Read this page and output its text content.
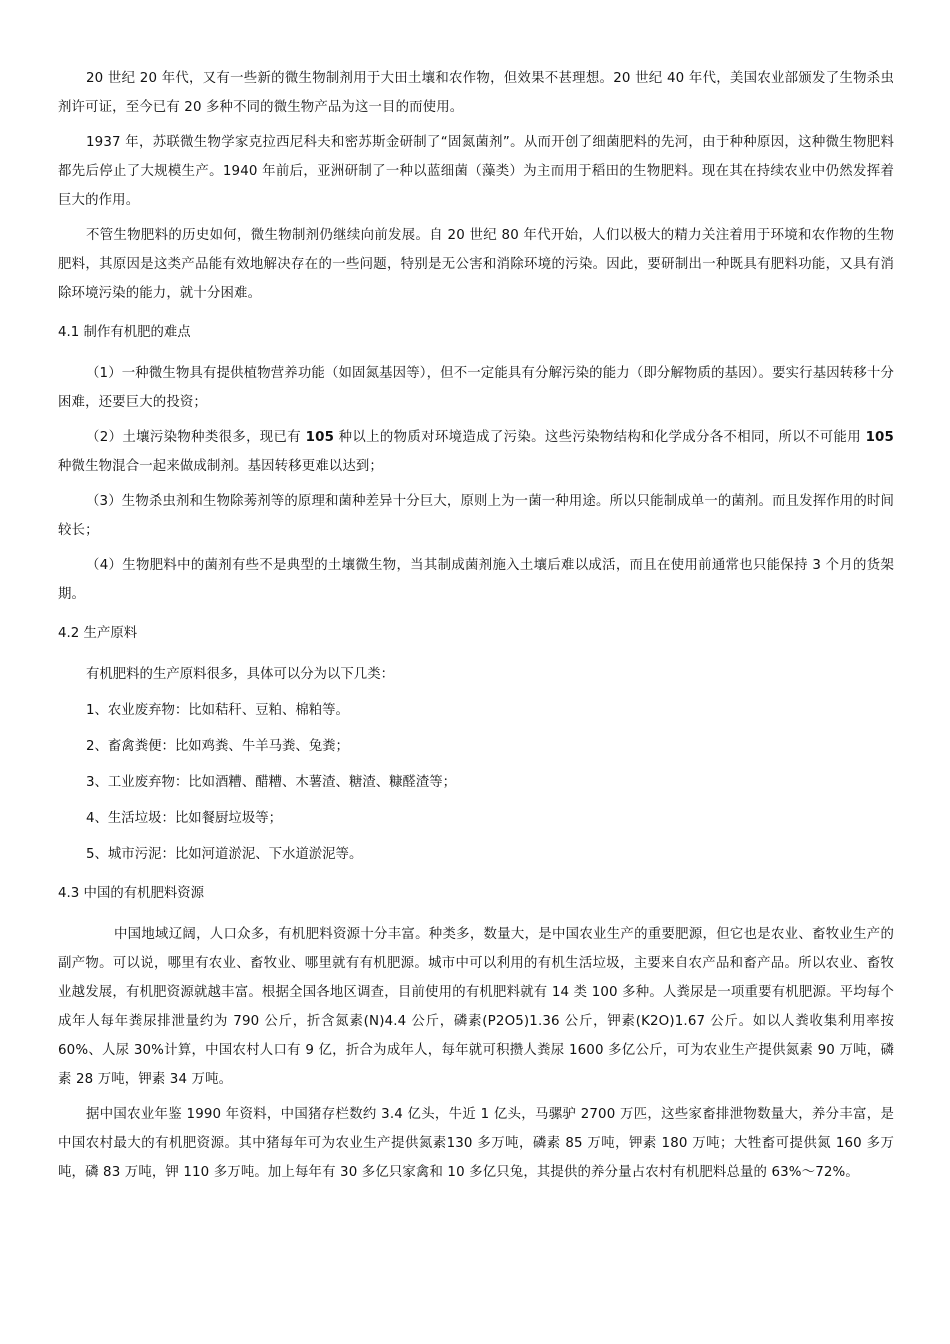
20 世纪 20 年代，又有一些新的微生物制剂用于大田土壤和农作物，但效果不甚理想。20 世纪 40 年代，美国农业部颁发了生物杀虫剂许可证，至今已有 20 多种不同的微生物产品为这一目的而使用。

1937 年，苏联微生物学家克拉西尼科夫和密苏斯金研制了“固氮菌剂”。从而开创了细菌肥料的先河，由于种种原因，这种微生物肥料都先后停止了大规模生产。1940 年前后，亚洲研制了一种以蓝细菌（藻类）为主而用于稻田的生物肥料。现在其在持续农业中仍然发挥着巨大的作用。

不管生物肥料的历史如何，微生物制剂仍继续向前发展。自 20 世纪 80 年代开始，人们以极大的精力关注着用于环境和农作物的生物肥料，其原因是这类产品能有效地解决存在的一些问题，特别是无公害和消除环境的污染。因此，要研制出一种既具有肥料功能，又具有消除环境污染的能力，就十分困难。

4.1 制作有机肥的难点

（1）一种微生物具有提供植物营养功能（如固氮基因等），但不一定能具有分解污染的能力（即分解物质的基因）。要实行基因转移十分困难，还要巨大的投资；

（2）土壤污染物种类很多，现已有 105 种以上的物质对环境造成了污染。这些污染物结构和化学成分各不相同，所以不可能用 105 种微生物混合一起来做成制剂。基因转移更难以达到；

（3）生物杀虫剂和生物除莠剂等的原理和菌种差异十分巨大，原则上为一菌一种用途。所以只能制成单一的菌剂。而且发挥作用的时间较长；

（4）生物肥料中的菌剂有些不是典型的土壤微生物，当其制成菌剂施入土壤后难以成活，而且在使用前通常也只能保持 3 个月的货架期。

4.2 生产原料
有机肥料的生产原料很多，具体可以分为以下几类：
1、农业废弃物：比如秸秆、豆粕、棉粕等。
2、畜禽粪便：比如鸡粪、牛羊马粪、兔粪；
3、工业废弃物：比如酒糟、醋糟、木薯渣、糖渣、糠醛渣等；
4、生活垃圾：比如餐厨垃圾等；
5、城市污泥：比如河道淤泥、下水道淤泥等。
4.3 中国的有机肥料资源

中国地域辽阔，人口众多，有机肥料资源十分丰富。种类多，数量大，是中国农业生产的重要肥源，但它也是农业、畜牧业生产的副产物。可以说，哪里有农业、畜牧业、哪里就有有机肥源。城市中可以利用的有机生活垃圾，主要来自农产品和畜产品。所以农业、畜牧业越发展，有机肥资源就越丰富。根据全国各地区调查，目前使用的有机肥料就有 14 类 100 多种。人粪尿是一项重要有机肥源。平均每个成年人每年粪尿排泄量约为 790 公斤，折含氮素(N)4.4 公斤，磷素(P2O5)1.36 公斤，钾素(K2O)1.67 公斤。如以人粪收集利用率按 60%、人尿 30%计算，中国农村人口有 9 亿，折合为成年人，每年就可积攒人粪尿 1600 多亿公斤，可为农业生产提供氮素 90 万吨，磷素 28 万吨，钾素 34 万吨。

据中国农业年鉴 1990 年资料，中国猪存栏数约 3.4 亿头，牛近 1 亿头，马骡驴 2700 万匹，这些家畜排泄物数量大，养分丰富，是中国农村最大的有机肥资源。其中猪每年可为农业生产提供氮素130 多万吨，磷素 85 万吨，钾素 180 万吨；大牲畜可提供氮 160 多万吨，磷 83 万吨，钾 110 多万吨。加上每年有 30 多亿只家禽和 10 多亿只兔，其提供的养分量占农村有机肥料总量的 63%～72%。
